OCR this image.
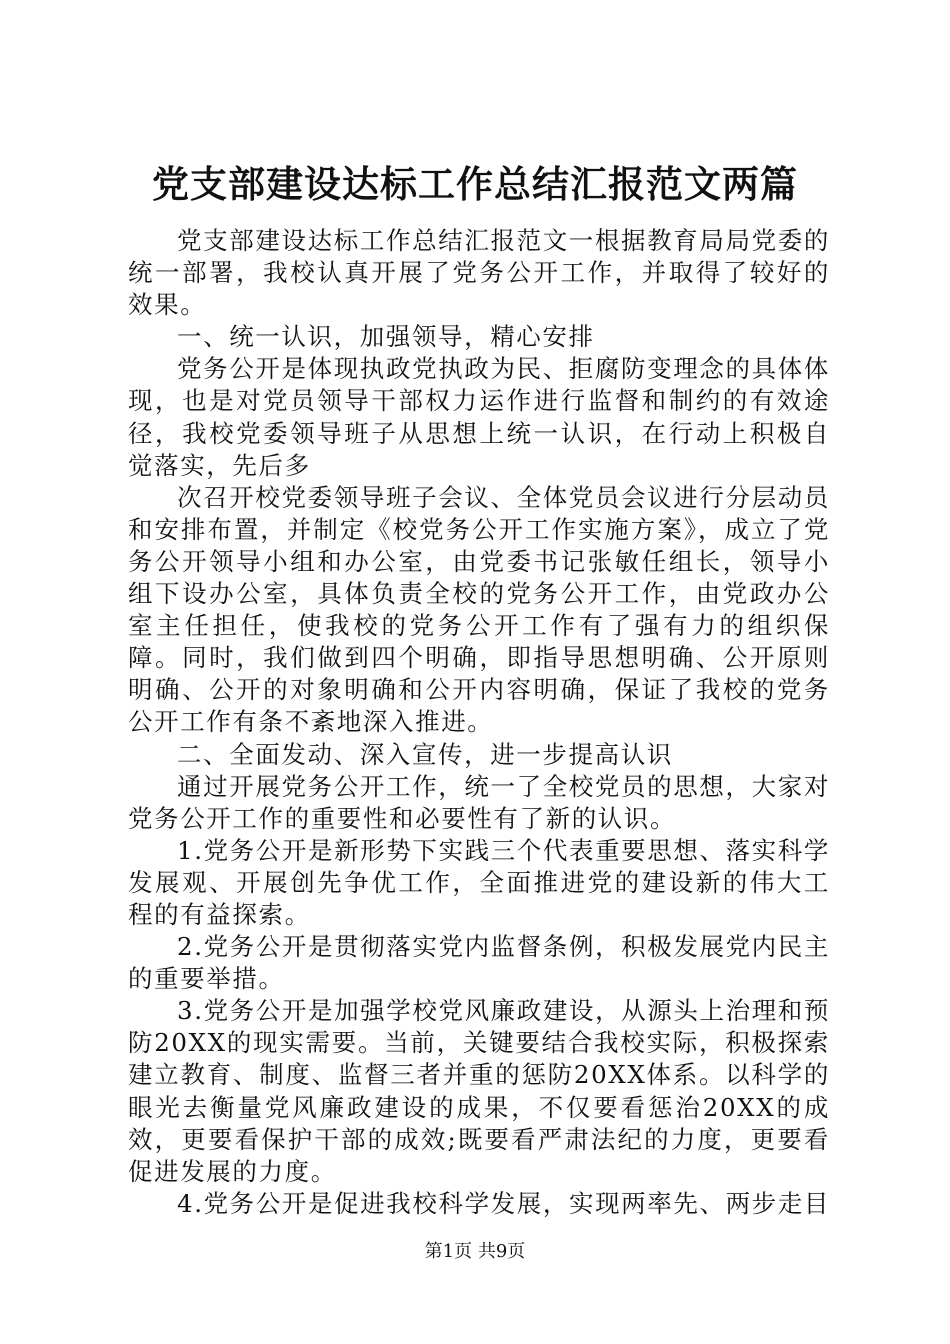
党支部建设达标工作总结汇报范文两篇

党支部建设达标工作总结汇报范文一根据教育局局党委的统一部署，我校认真开展了党务公开工作，并取得了较好的效果。

一、统一认识，加强领导，精心安排

党务公开是体现执政党执政为民、拒腐防变理念的具体体现，也是对党员领导干部权力运作进行监督和制约的有效途径，我校党委领导班子从思想上统一认识，在行动上积极自觉落实，先后多

次召开校党委领导班子会议、全体党员会议进行分层动员和安排布置，并制定《校党务公开工作实施方案》，成立了党务公开领导小组和办公室，由党委书记张敏任组长，领导小组下设办公室，具体负责全校的党务公开工作，由党政办公室主任担任，使我校的党务公开工作有了强有力的组织保障。同时，我们做到四个明确，即指导思想明确、公开原则明确、公开的对象明确和公开内容明确，保证了我校的党务公开工作有条不紊地深入推进。

二、全面发动、深入宣传，进一步提高认识

通过开展党务公开工作，统一了全校党员的思想，大家对党务公开工作的重要性和必要性有了新的认识。

1.党务公开是新形势下实践三个代表重要思想、落实科学发展观、开展创先争优工作，全面推进党的建设新的伟大工程的有益探索。

2.党务公开是贯彻落实党内监督条例，积极发展党内民主的重要举措。

3.党务公开是加强学校党风廉政建设，从源头上治理和预防20XX的现实需要。当前，关键要结合我校实际，积极探索建立教育、制度、监督三者并重的惩防20XX体系。以科学的眼光去衡量党风廉政建设的成果，不仅要看惩治20XX的成效，更要看保护干部的成效;既要看严肃法纪的力度，更要看促进发展的力度。

4.党务公开是促进我校科学发展，实现两率先、两步走目

第1页 共9页
